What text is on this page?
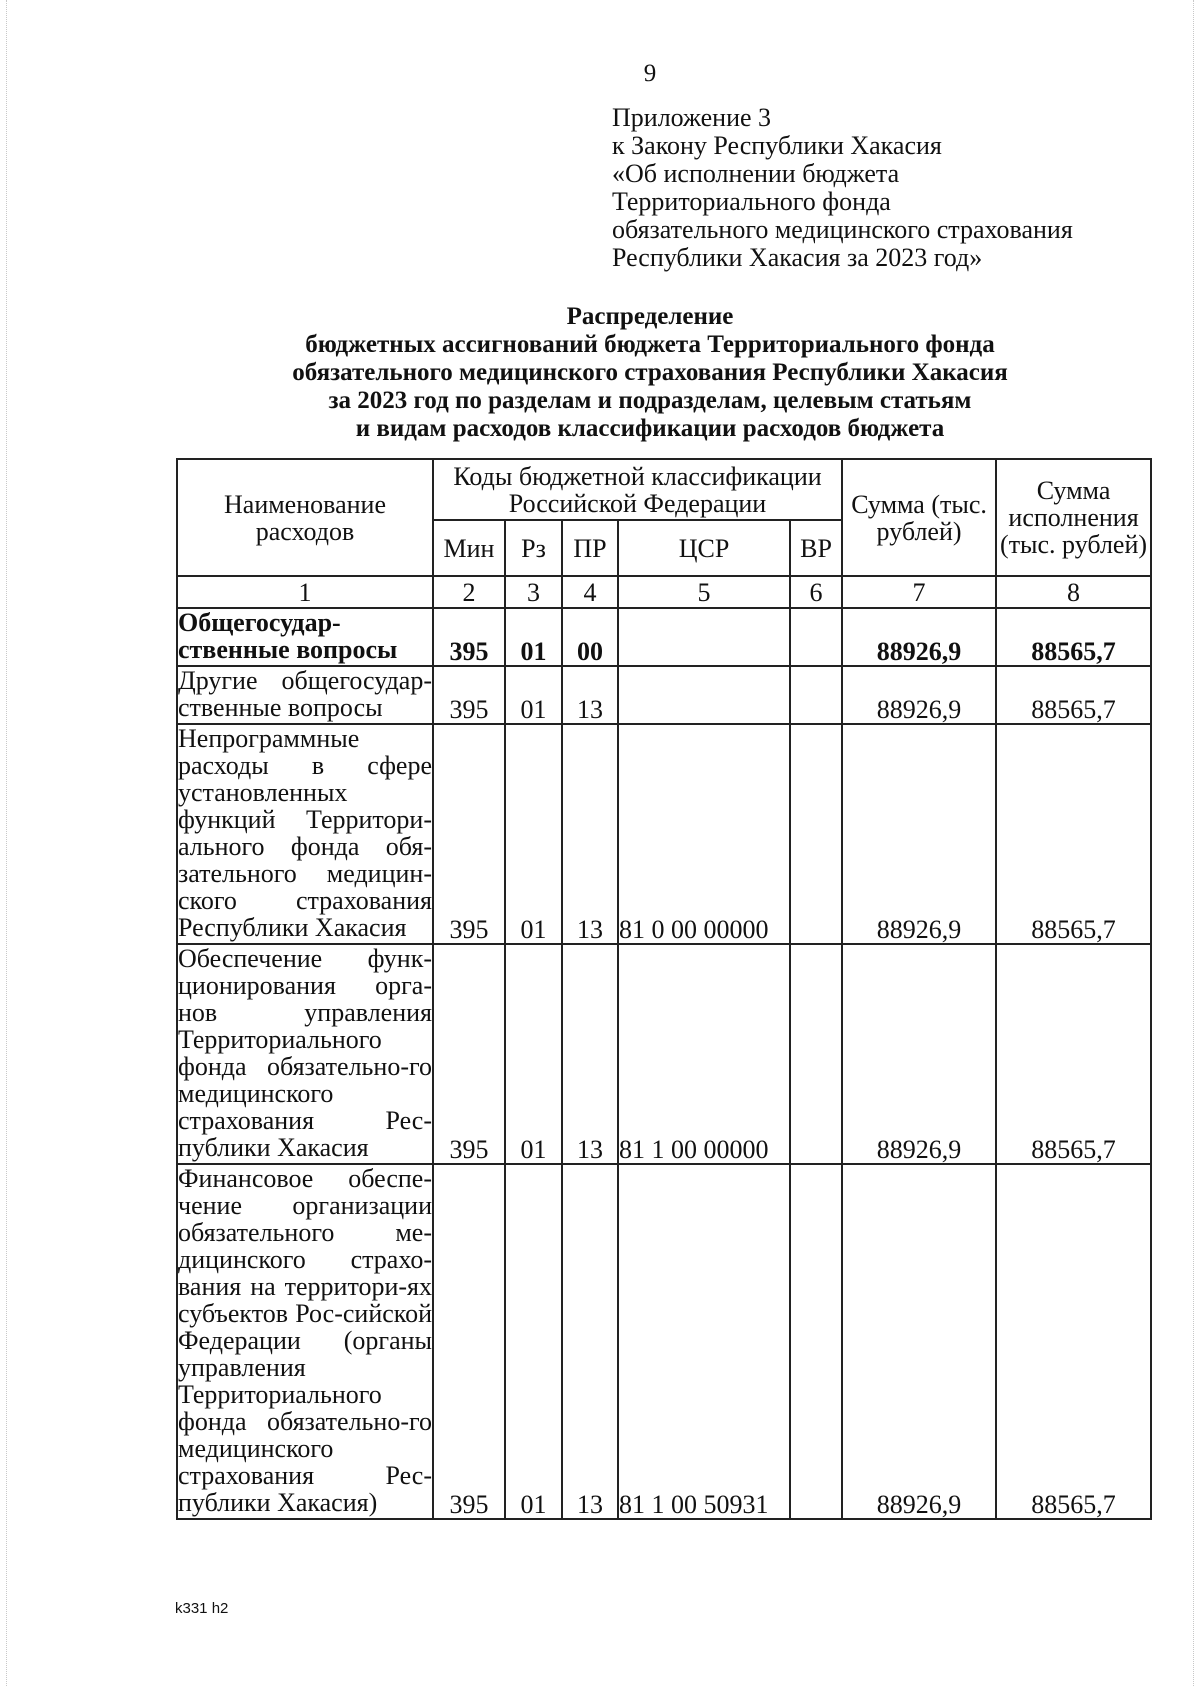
9
Приложение 3
к Закону Республики Хакасия
«Об исполнении бюджета
Территориального фонда
обязательного медицинского страхования
Республики Хакасия за 2023 год»
Распределение
бюджетных ассигнований бюджета Территориального фонда
обязательного медицинского страхования Республики Хакасия
за 2023 год по разделам и подразделам, целевым статьям
и видам расходов классификации расходов бюджета
Наименование расходов	Коды бюджетной классификации Российской Федерации					Сумма (тыс. рублей)	Сумма исполнения (тыс. рублей)
	Мин	Рз	ПР	ЦСР	ВР		
1	2	3	4	5	6	7	8
Общегосудар-ственные вопросы	395	01	00			88926,9	88565,7
Другие общегосудар-ственные вопросы	395	01	13			88926,9	88565,7
Непрограммные расходы в сфере установленных функций Территори-ального фонда обя-зательного медицин-ского страхования Республики Хакасия	395	01	13	81 0 00 00000		88926,9	88565,7
Обеспечение функ-ционирования орга-нов управления Территориального фонда обязательно-го медицинского страхования Рес-публики Хакасия	395	01	13	81 1 00 00000		88926,9	88565,7
Финансовое обеспе-чение организации обязательного ме-дицинского страхо-вания на территори-ях субъектов Рос-сийской Федерации (органы управления Территориального фонда обязательно-го медицинского страхования Рес-публики Хакасия)	395	01	13	81 1 00 50931		88926,9	88565,7
k331 h2
